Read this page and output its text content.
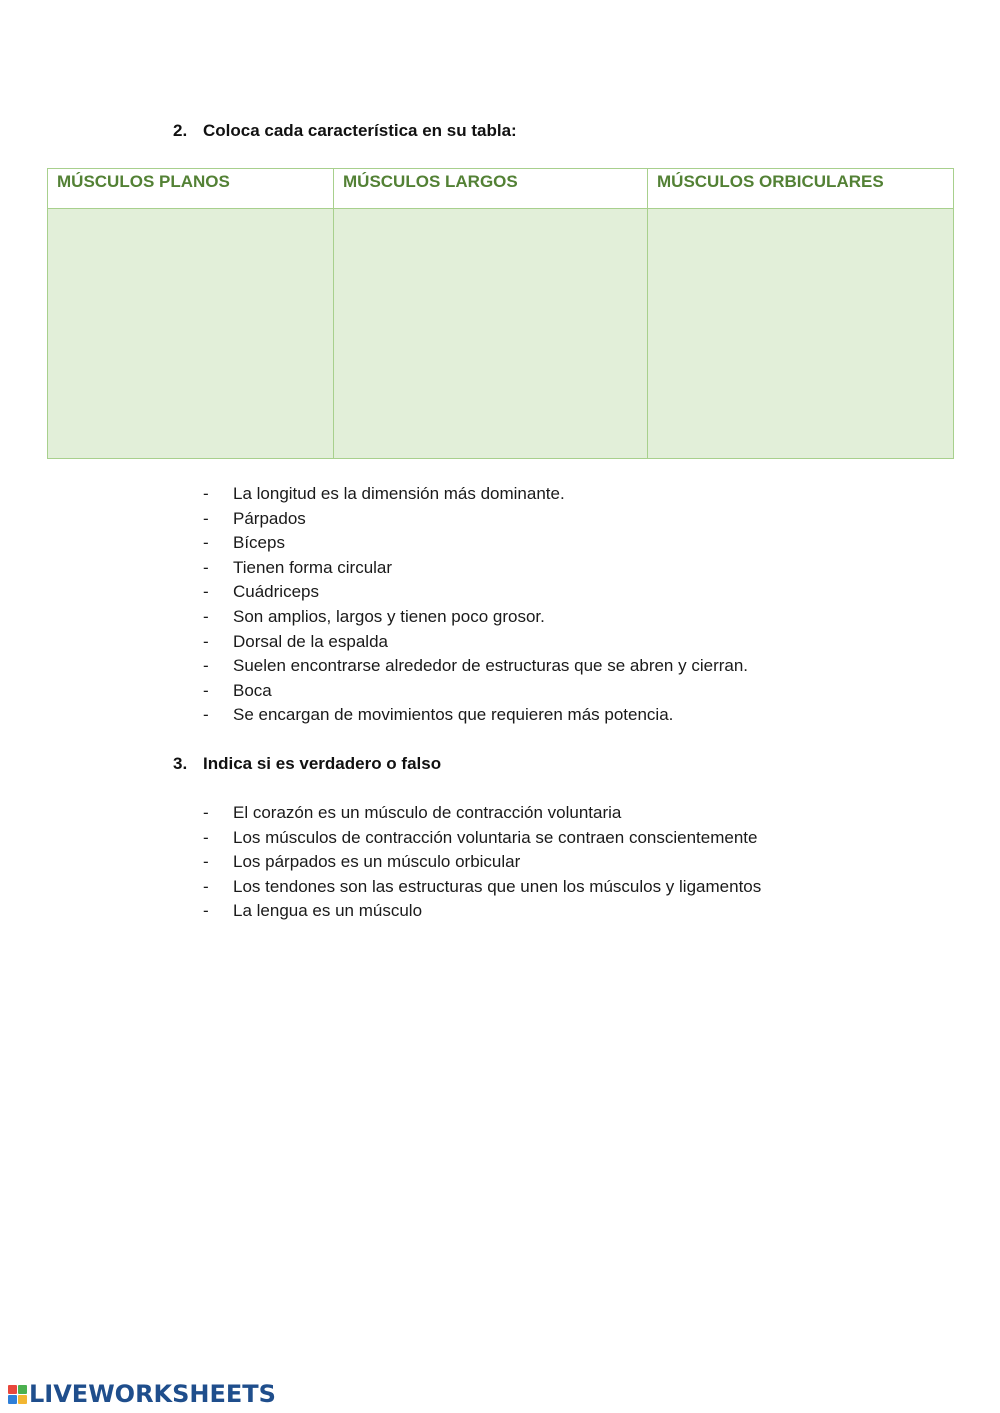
2. Coloca cada característica en su tabla:
MÚSCULOS PLANOS	MÚSCULOS LARGOS	MÚSCULOS ORBICULARES

-	La longitud es la dimensión más dominante.
-	Párpados
-	Bíceps
-	Tienen forma circular
-	Cuádriceps
-	Son amplios, largos y tienen poco grosor.
-	Dorsal de la espalda
-	Suelen encontrarse alrededor de estructuras que se abren y cierran.
-	Boca
-	Se encargan de movimientos que requieren más potencia.
3. Indica si es verdadero o falso
-	El corazón es un músculo de contracción voluntaria
-	Los músculos de contracción voluntaria se contraen conscientemente
-	Los párpados es un músculo orbicular
-	Los tendones son las estructuras que unen los músculos y ligamentos
-	La lengua es un músculo
LIVEWORKSHEETS
